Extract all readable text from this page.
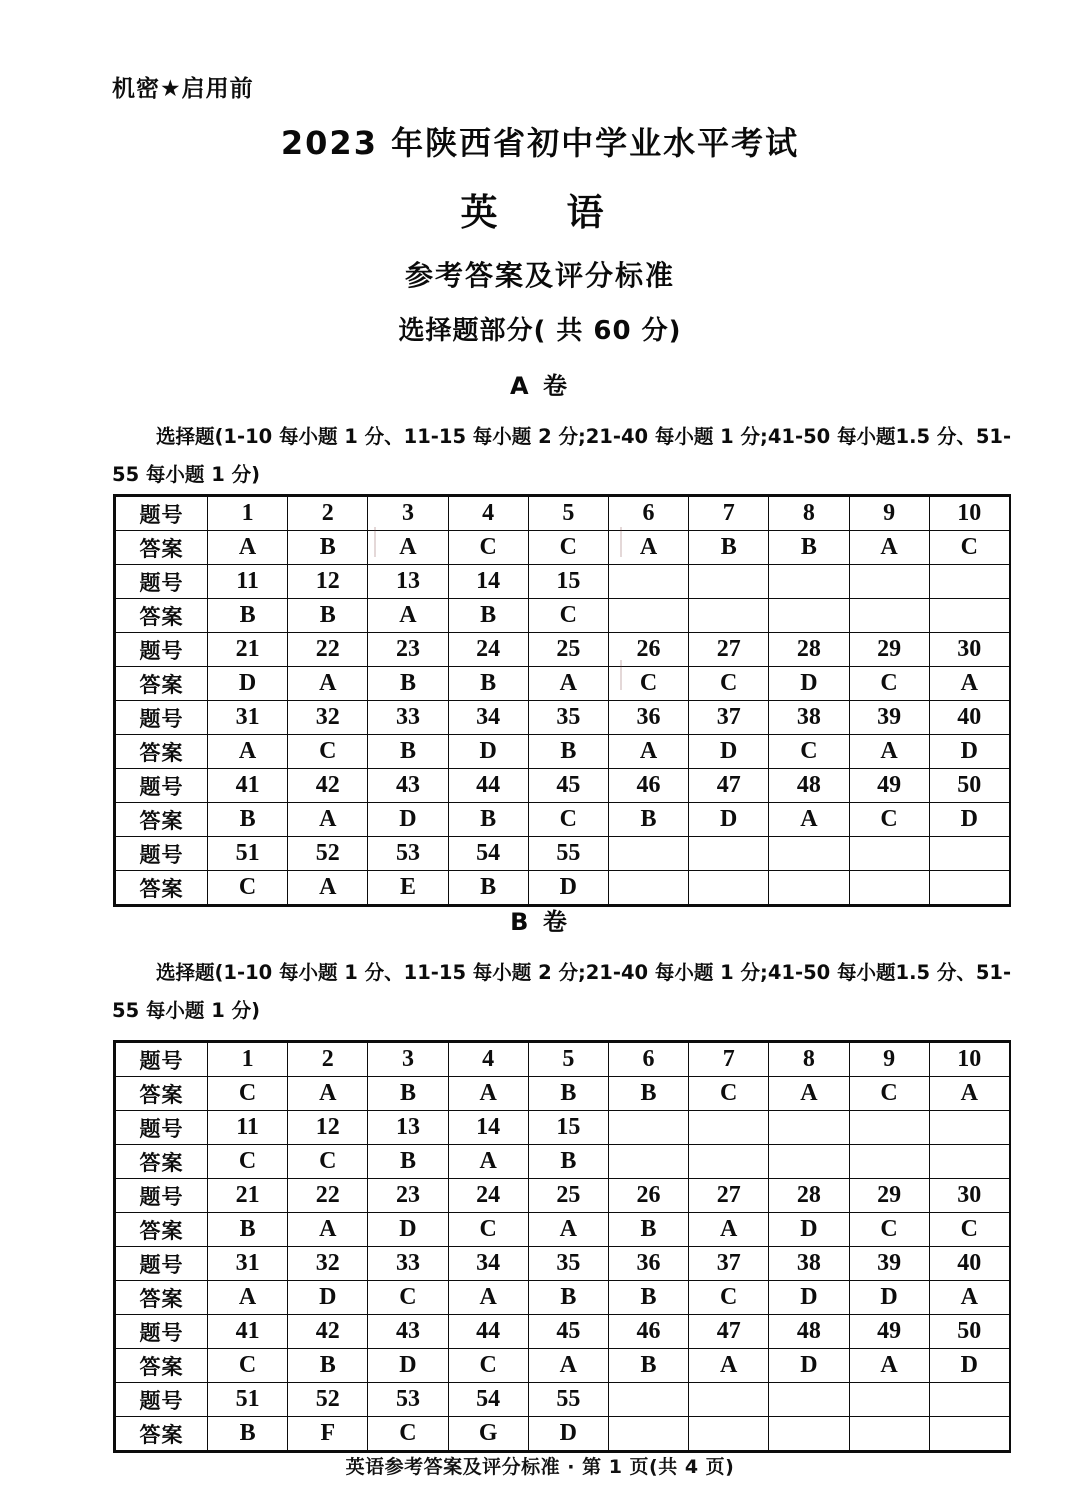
机密★启用前
2023 年陕西省初中学业水平考试
英　语
参考答案及评分标准
选择题部分( 共 60 分)
A 卷
选择题(1-10 每小题 1 分、11-15 每小题 2 分;21-40 每小题 1 分;41-50 每小题1.5 分、51-55 每小题 1 分)
题号	1	2	3	4	5	6	7	8	9	10
答案	A	B	A	C	C	A	B	B	A	C
题号	11	12	13	14	15					
答案	B	B	A	B	C					
题号	21	22	23	24	25	26	27	28	29	30
答案	D	A	B	B	A	C	C	D	C	A
题号	31	32	33	34	35	36	37	38	39	40
答案	A	C	B	D	B	A	D	C	A	D
题号	41	42	43	44	45	46	47	48	49	50
答案	B	A	D	B	C	B	D	A	C	D
题号	51	52	53	54	55					
答案	C	A	E	B	D					
B 卷
选择题(1-10 每小题 1 分、11-15 每小题 2 分;21-40 每小题 1 分;41-50 每小题1.5 分、51-55 每小题 1 分)
题号	1	2	3	4	5	6	7	8	9	10
答案	C	A	B	A	B	B	C	A	C	A
题号	11	12	13	14	15					
答案	C	C	B	A	B					
题号	21	22	23	24	25	26	27	28	29	30
答案	B	A	D	C	A	B	A	D	C	C
题号	31	32	33	34	35	36	37	38	39	40
答案	A	D	C	A	B	B	C	D	D	A
题号	41	42	43	44	45	46	47	48	49	50
答案	C	B	D	C	A	B	A	D	A	D
题号	51	52	53	54	55					
答案	B	F	C	G	D					
英语参考答案及评分标准 · 第 1 页(共 4 页)
